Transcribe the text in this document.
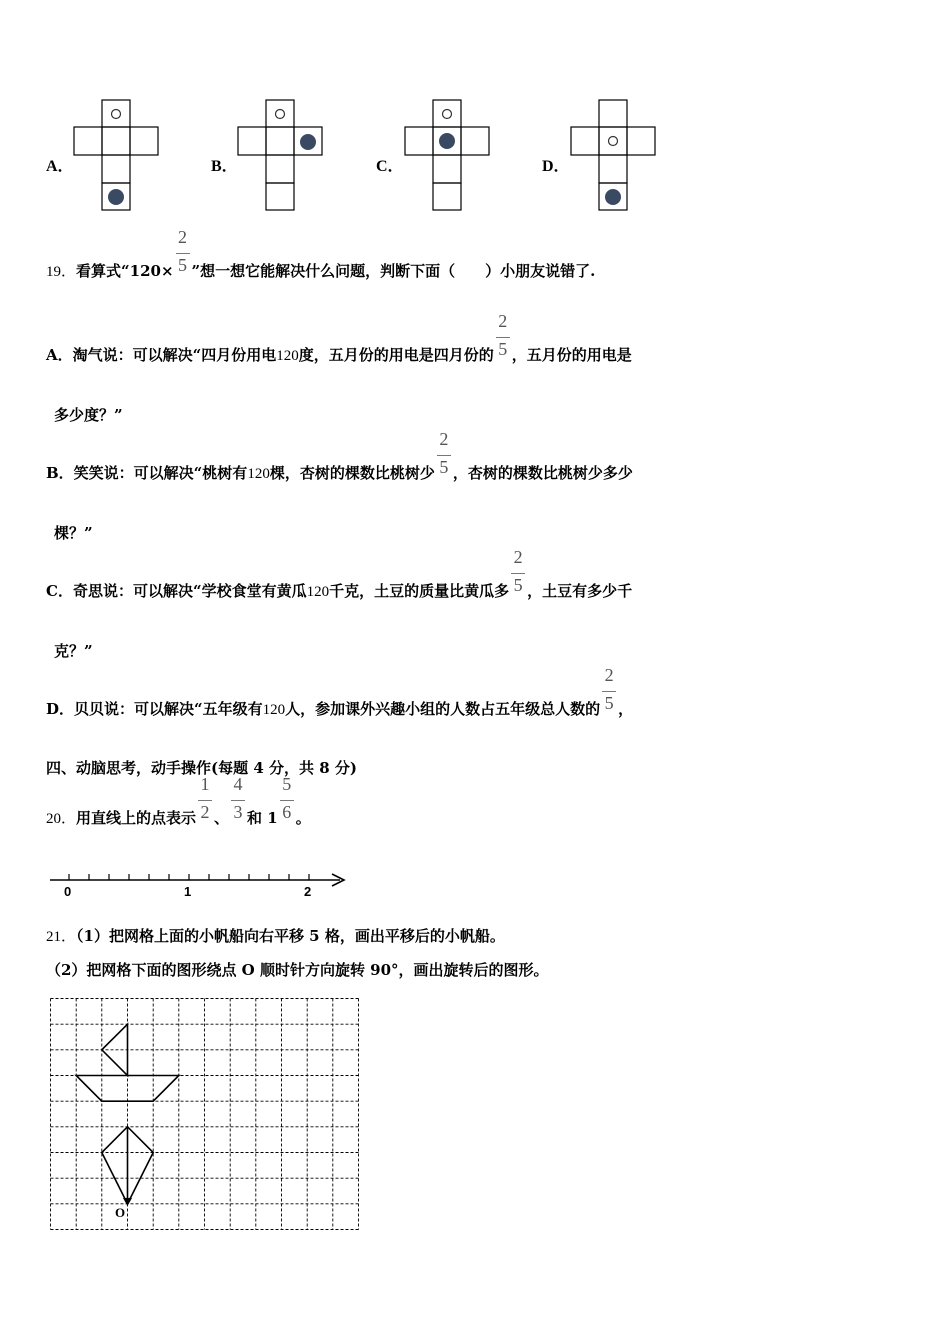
A．	B．	C．	D．
19．看算式“$120\times \frac{2}{5}$ ”想一想它能解决什么问题，判断下面（　　）小朋友说错了.
A．淘气说：可以解决“四月份用电120度，五月份的用电是四月份的 $\frac{2}{5}$ ，五月份的用电是
多少度？”
B．笑笑说：可以解决“桃树有120棵，杏树的棵数比桃树少 $\frac{2}{5}$ ，杏树的棵数比桃树少多少
棵？”
C．奇思说：可以解决“学校食堂有黄瓜120千克，土豆的质量比黄瓜多 $\frac{2}{5}$ ，土豆有多少千
克？”
D．贝贝说：可以解决“五年级有120人，参加课外兴趣小组的人数占五年级总人数的 $\frac{2}{5}$ ，
四、动脑思考，动手操作(每题 4 分，共 8 分)
20．用直线上的点表示 $\frac{1}{2}$ 、 $\frac{4}{3}$ 和 $1 \frac{5}{6}$ 。
0	1	2
21．（1）把网格上面的小帆船向右平移 5 格，画出平移后的小帆船。
（2）把网格下面的图形绕点 O 顺时针方向旋转 90°，画出旋转后的图形。
O
